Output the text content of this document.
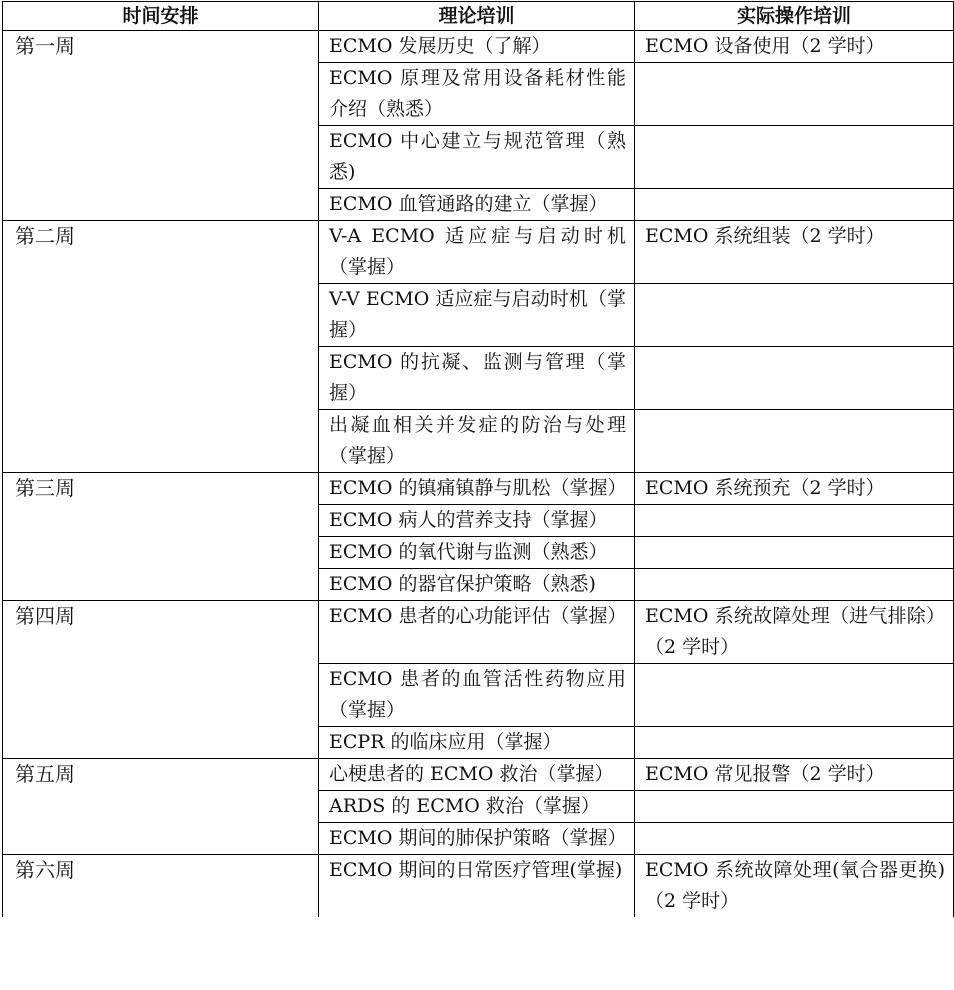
时间安排	理论培训	实际操作培训
第一周	ECMO 发展历史（了解）	ECMO 设备使用（2 学时）
	ECMO 原理及常用设备耗材性能介绍（熟悉）	
	ECMO 中心建立与规范管理（熟悉)	
	ECMO 血管通路的建立（掌握）	
第二周	V-A ECMO 适应症与启动时机（掌握）	ECMO 系统组装（2 学时）
	V-V ECMO 适应症与启动时机（掌握）	
	ECMO 的抗凝、监测与管理（掌握）	
	出凝血相关并发症的防治与处理（掌握）	
第三周	ECMO 的镇痛镇静与肌松（掌握）	ECMO 系统预充（2 学时）
	ECMO 病人的营养支持（掌握）	
	ECMO 的氧代谢与监测（熟悉）	
	ECMO 的器官保护策略（熟悉)	
第四周	ECMO 患者的心功能评估（掌握）	ECMO 系统故障处理（进气排除）（2 学时）
	ECMO 患者的血管活性药物应用（掌握）	
	ECPR 的临床应用（掌握）	
第五周	心梗患者的 ECMO 救治（掌握）	ECMO 常见报警（2 学时）
	ARDS 的 ECMO 救治（掌握）	
	ECMO 期间的肺保护策略（掌握）	
第六周	ECMO 期间的日常医疗管理(掌握)	ECMO 系统故障处理(氧合器更换)（2 学时）
